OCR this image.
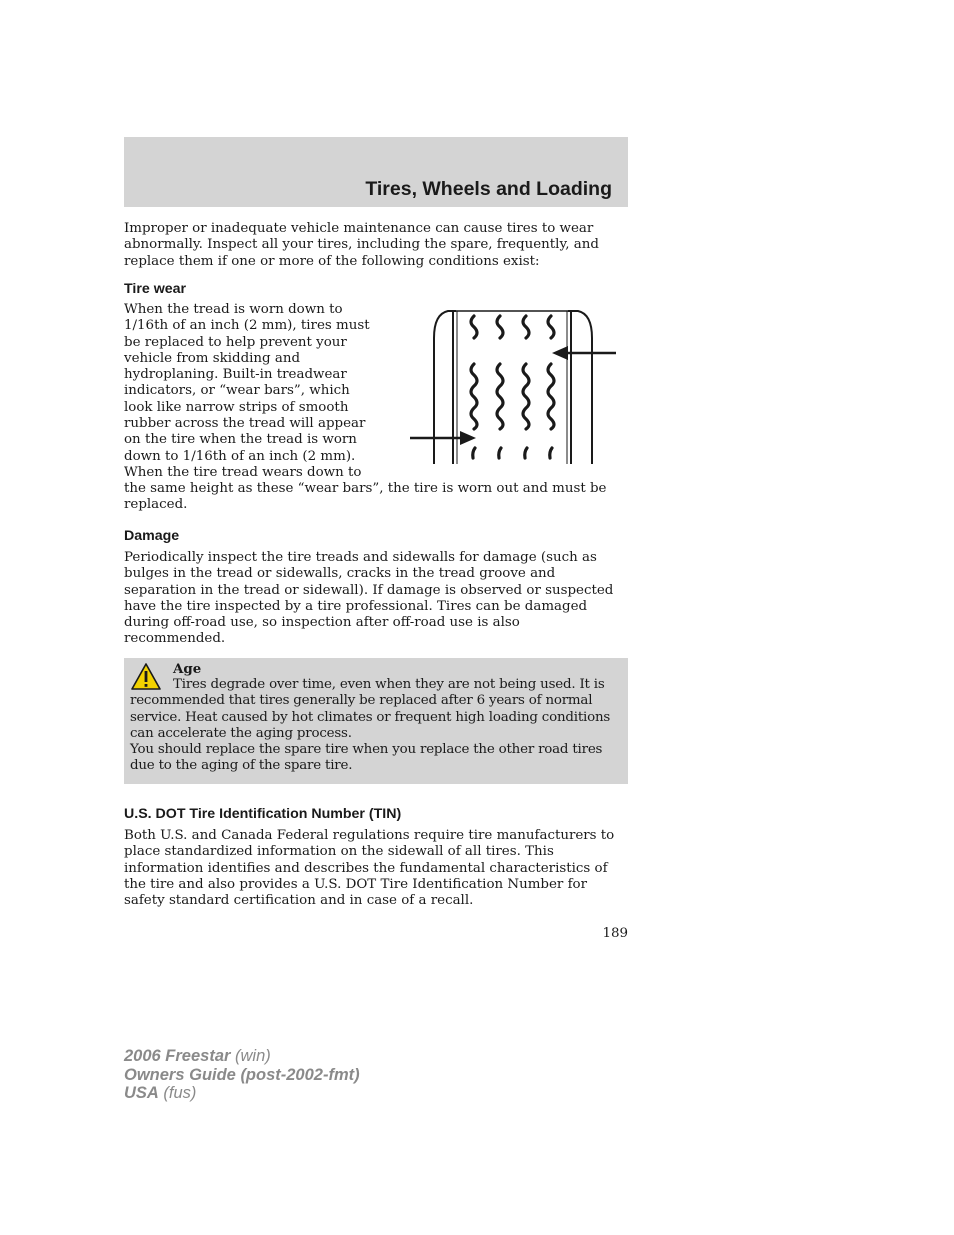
Tires, Wheels and Loading

Improper or inadequate vehicle maintenance can cause tires to wear abnormally. Inspect all your tires, including the spare, frequently, and replace them if one or more of the following conditions exist:

Tire wear

When the tread is worn down to 1/16th of an inch (2 mm), tires must be replaced to help prevent your vehicle from skidding and hydroplaning. Built-in treadwear indicators, or “wear bars”, which look like narrow strips of smooth rubber across the tread will appear on the tire when the tread is worn down to 1/16th of an inch (2 mm). When the tire tread wears down to

the same height as these “wear bars”, the tire is worn out and must be replaced.

Damage

Periodically inspect the tire treads and sidewalls for damage (such as bulges in the tread or sidewalls, cracks in the tread groove and separation in the tread or sidewall). If damage is observed or suspected have the tire inspected by a tire professional. Tires can be damaged during off-road use, so inspection after off-road use is also recommended.

Age

Tires degrade over time, even when they are not being used. It is recommended that tires generally be replaced after 6 years of normal service. Heat caused by hot climates or frequent high loading conditions can accelerate the aging process.

You should replace the spare tire when you replace the other road tires due to the aging of the spare tire.

U.S. DOT Tire Identification Number (TIN)

Both U.S. and Canada Federal regulations require tire manufacturers to place standardized information on the sidewall of all tires. This information identifies and describes the fundamental characteristics of the tire and also provides a U.S. DOT Tire Identification Number for safety standard certification and in case of a recall.

189
2006 Freestar (win)
Owners Guide (post-2002-fmt)
USA (fus)
